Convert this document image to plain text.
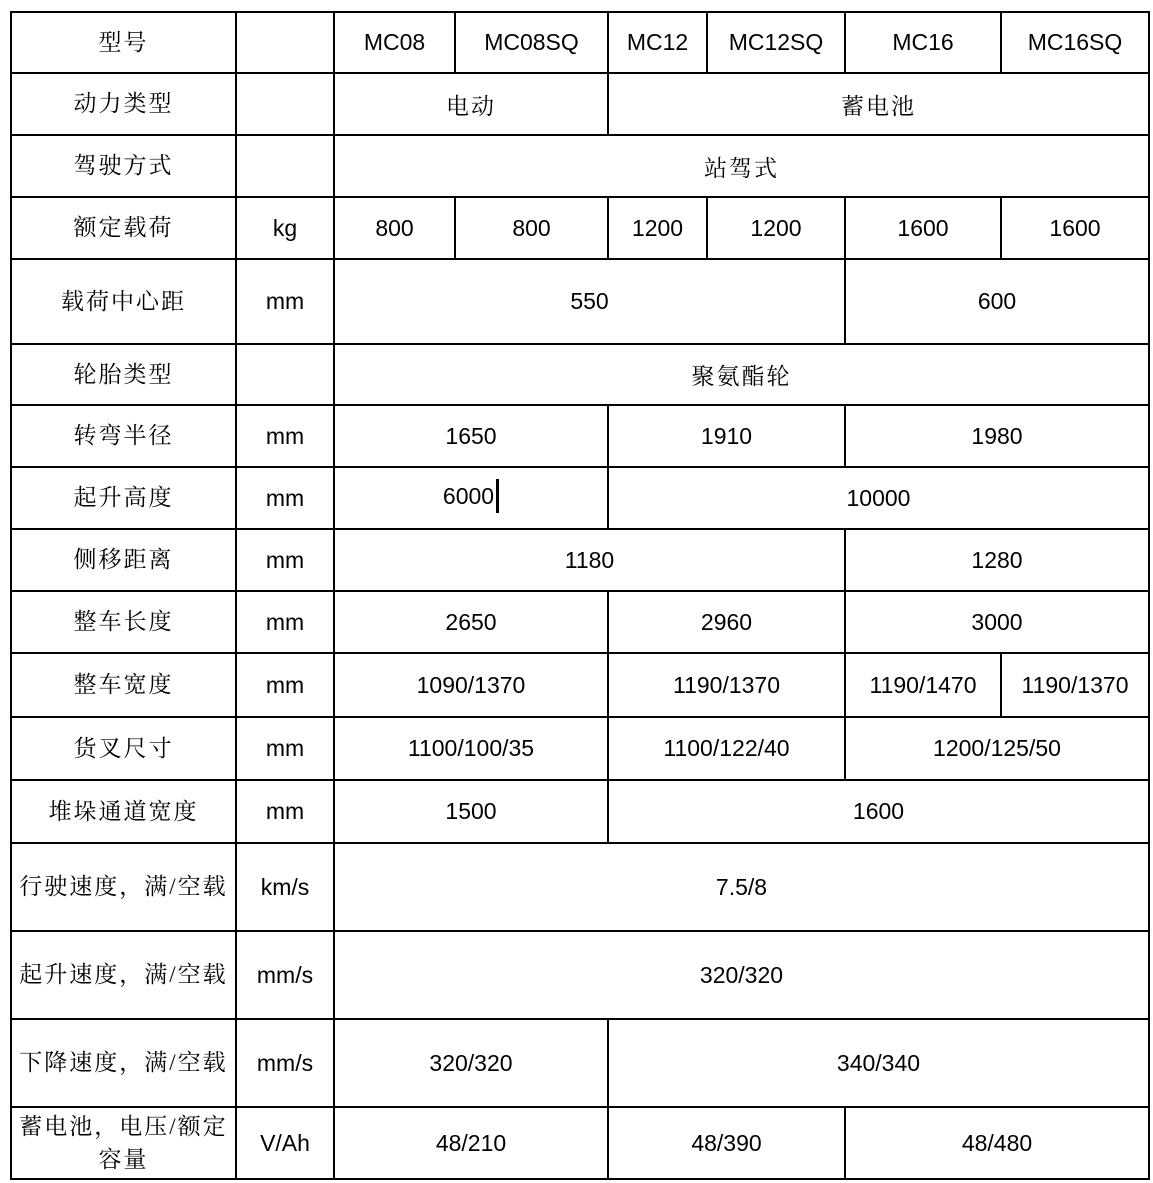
型号		MC08	MC08SQ	MC12	MC12SQ	MC16	MC16SQ
动力类型		电动		蓄电池			
驾驶方式		站驾式					
额定载荷	kg	800	800	1200	1200	1600	1600
载荷中心距	mm	550				600	
轮胎类型		聚氨酯轮					
转弯半径	mm	1650		1910		1980	
起升高度	mm	6000		10000			
侧移距离	mm	1180				1280	
整车长度	mm	2650		2960		3000	
整车宽度	mm	1090/1370		1190/1370		1190/1470	1190/1370
货叉尺寸	mm	1100/100/35		1100/122/40		1200/125/50	
堆垛通道宽度	mm	1500		1600			
行驶速度，满/空载	km/s	7.5/8					
起升速度，满/空载	mm/s	320/320					
下降速度，满/空载	mm/s	320/320		340/340			
蓄电池，电压/额定容量	V/Ah	48/210		48/390		48/480	
